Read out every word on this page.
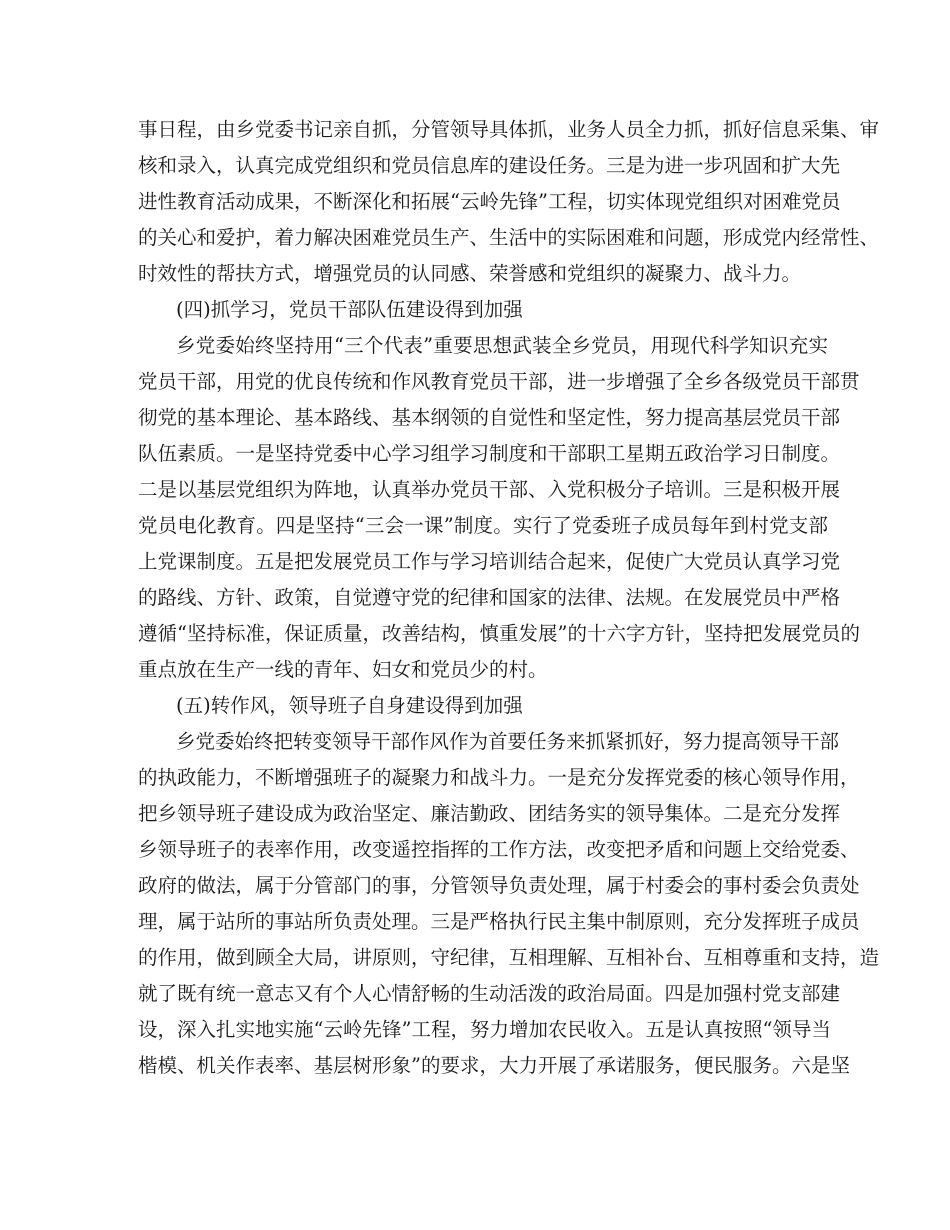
事日程，由乡党委书记亲自抓，分管领导具体抓，业务人员全力抓，抓好信息采集、审
核和录入，认真完成党组织和党员信息库的建设任务。三是为进一步巩固和扩大先
进性教育活动成果，不断深化和拓展“云岭先锋”工程，切实体现党组织对困难党员
的关心和爱护，着力解决困难党员生产、生活中的实际困难和问题，形成党内经常性、
时效性的帮扶方式，增强党员的认同感、荣誉感和党组织的凝聚力、战斗力。
(四)抓学习，党员干部队伍建设得到加强
乡党委始终坚持用“三个代表”重要思想武装全乡党员，用现代科学知识充实
党员干部，用党的优良传统和作风教育党员干部，进一步增强了全乡各级党员干部贯
彻党的基本理论、基本路线、基本纲领的自觉性和坚定性，努力提高基层党员干部
队伍素质。一是坚持党委中心学习组学习制度和干部职工星期五政治学习日制度。
二是以基层党组织为阵地，认真举办党员干部、入党积极分子培训。三是积极开展
党员电化教育。四是坚持“三会一课”制度。实行了党委班子成员每年到村党支部
上党课制度。五是把发展党员工作与学习培训结合起来，促使广大党员认真学习党
的路线、方针、政策，自觉遵守党的纪律和国家的法律、法规。在发展党员中严格
遵循“坚持标准，保证质量，改善结构，慎重发展”的十六字方针，坚持把发展党员的
重点放在生产一线的青年、妇女和党员少的村。
(五)转作风，领导班子自身建设得到加强
乡党委始终把转变领导干部作风作为首要任务来抓紧抓好，努力提高领导干部
的执政能力，不断增强班子的凝聚力和战斗力。一是充分发挥党委的核心领导作用，
把乡领导班子建设成为政治坚定、廉洁勤政、团结务实的领导集体。二是充分发挥
乡领导班子的表率作用，改变遥控指挥的工作方法，改变把矛盾和问题上交给党委、
政府的做法，属于分管部门的事，分管领导负责处理，属于村委会的事村委会负责处
理，属于站所的事站所负责处理。三是严格执行民主集中制原则，充分发挥班子成员
的作用，做到顾全大局，讲原则，守纪律，互相理解、互相补台、互相尊重和支持，造
就了既有统一意志又有个人心情舒畅的生动活泼的政治局面。四是加强村党支部建
设，深入扎实地实施“云岭先锋”工程，努力增加农民收入。五是认真按照“领导当
楷模、机关作表率、基层树形象”的要求，大力开展了承诺服务，便民服务。六是坚
